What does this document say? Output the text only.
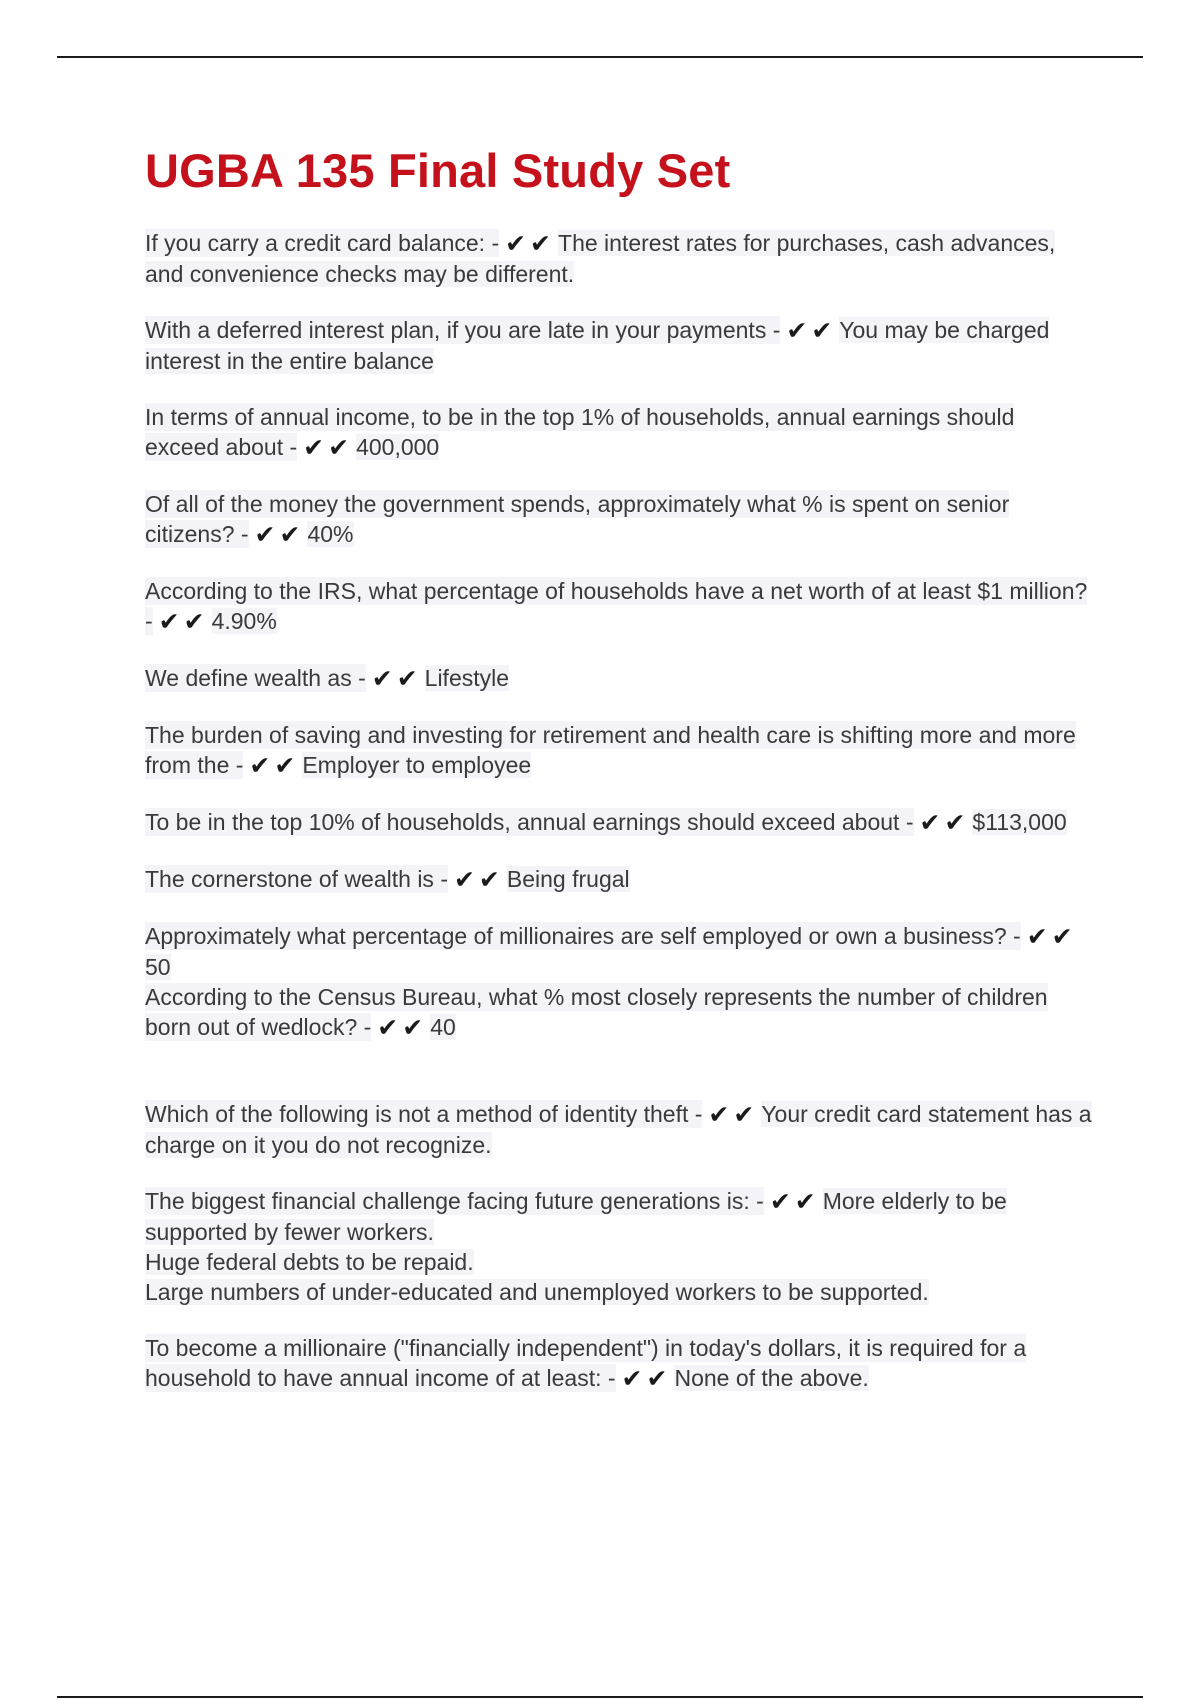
UGBA 135 Final Study Set

If you carry a credit card balance: - ✔✔ The interest rates for purchases, cash advances, and convenience checks may be different.

With a deferred interest plan, if you are late in your payments - ✔✔ You may be charged interest in the entire balance

In terms of annual income, to be in the top 1% of households, annual earnings should exceed about - ✔✔ 400,000

Of all of the money the government spends, approximately what % is spent on senior citizens? - ✔✔ 40%

According to the IRS, what percentage of households have a net worth of at least $1 million? - ✔✔ 4.90%

We define wealth as - ✔✔ Lifestyle

The burden of saving and investing for retirement and health care is shifting more and more from the - ✔✔ Employer to employee

To be in the top 10% of households, annual earnings should exceed about - ✔✔ $113,000

The cornerstone of wealth is - ✔✔ Being frugal

Approximately what percentage of millionaires are self employed or own a business? - ✔✔50

According to the Census Bureau, what % most closely represents the number of children born out of wedlock? - ✔✔ 40

Which of the following is not a method of identity theft - ✔✔ Your credit card statement has a charge on it you do not recognize.

The biggest financial challenge facing future generations is: - ✔✔ More elderly to be supported by fewer workers.
Huge federal debts to be repaid.
Large numbers of under-educated and unemployed workers to be supported.

To become a millionaire ("financially independent") in today's dollars, it is required for a household to have annual income of at least: - ✔✔ None of the above.
